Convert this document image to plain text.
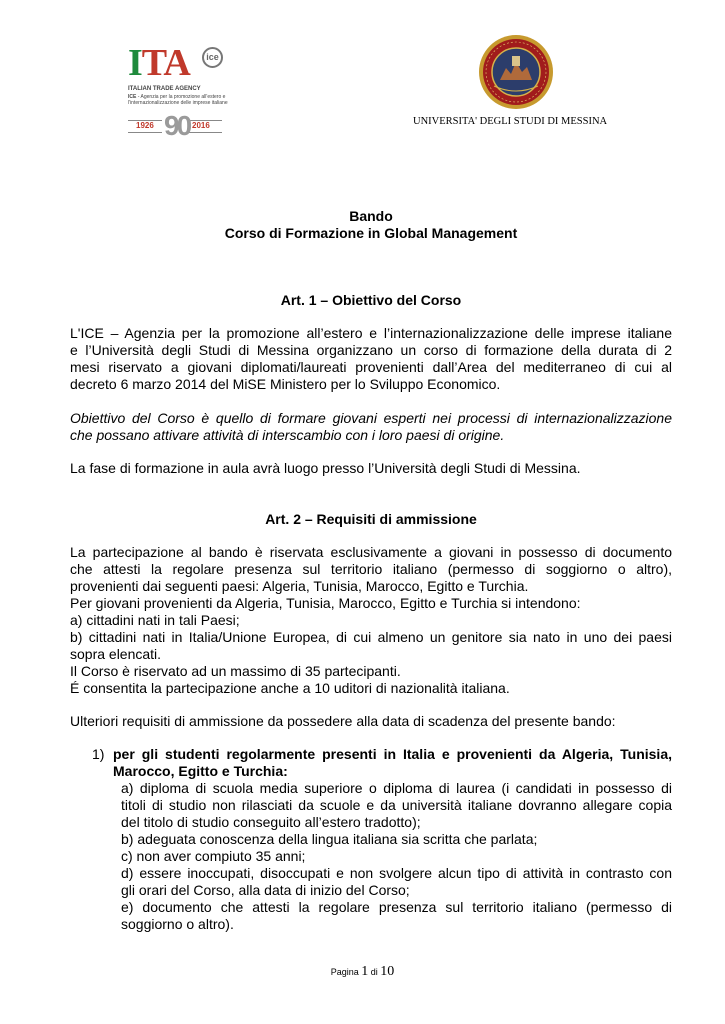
ITA	ice
ITALIAN TRADE AGENCY
ICE - Agenzia per la promozione all'estero e
l'internazionalizzazione delle imprese italiane
1926 90 2016	UNIVERSITA' DEGLI STUDI DI MESSINA
Bando
Corso di Formazione in Global Management
Art. 1 – Obiettivo del Corso
L'ICE – Agenzia per la promozione all’estero e l’internazionalizzazione delle imprese italiane
e l’Università degli Studi di Messina organizzano un corso di formazione della durata di 2
mesi riservato a giovani diplomati/laureati provenienti dall’Area del mediterraneo di cui al
decreto 6 marzo 2014 del MiSE Ministero per lo Sviluppo Economico.
Obiettivo del Corso è quello di formare giovani esperti nei processi di internazionalizzazione
che possano attivare attività di interscambio con i loro paesi di origine.
La fase di formazione in aula avrà luogo presso l’Università degli Studi di Messina.
Art. 2 – Requisiti di ammissione
La partecipazione al bando è riservata esclusivamente a giovani in possesso di documento
che attesti la regolare presenza sul territorio italiano (permesso di soggiorno o altro),
provenienti dai seguenti paesi: Algeria, Tunisia, Marocco, Egitto e Turchia.
Per giovani provenienti da Algeria, Tunisia, Marocco, Egitto e Turchia si intendono:
a) cittadini nati in tali Paesi;
b) cittadini nati in Italia/Unione Europea, di cui almeno un genitore sia nato in uno dei paesi
sopra elencati.
Il Corso è riservato ad un massimo di 35 partecipanti.
É consentita la partecipazione anche a 10 uditori di nazionalità italiana.
Ulteriori requisiti di ammissione da possedere alla data di scadenza del presente bando:
1) per gli studenti regolarmente presenti in Italia e provenienti da Algeria, Tunisia,
Marocco, Egitto e Turchia:
a) diploma di scuola media superiore o diploma di laurea (i candidati in possesso di
titoli di studio non rilasciati da scuole e da università italiane dovranno allegare copia
del titolo di studio conseguito all’estero tradotto);
b) adeguata conoscenza della lingua italiana sia scritta che parlata;
c) non aver compiuto 35 anni;
d) essere inoccupati, disoccupati e non svolgere alcun tipo di attività in contrasto con
gli orari del Corso, alla data di inizio del Corso;
e) documento che attesti la regolare presenza sul territorio italiano (permesso di
soggiorno o altro).
Pagina 1 di 10
